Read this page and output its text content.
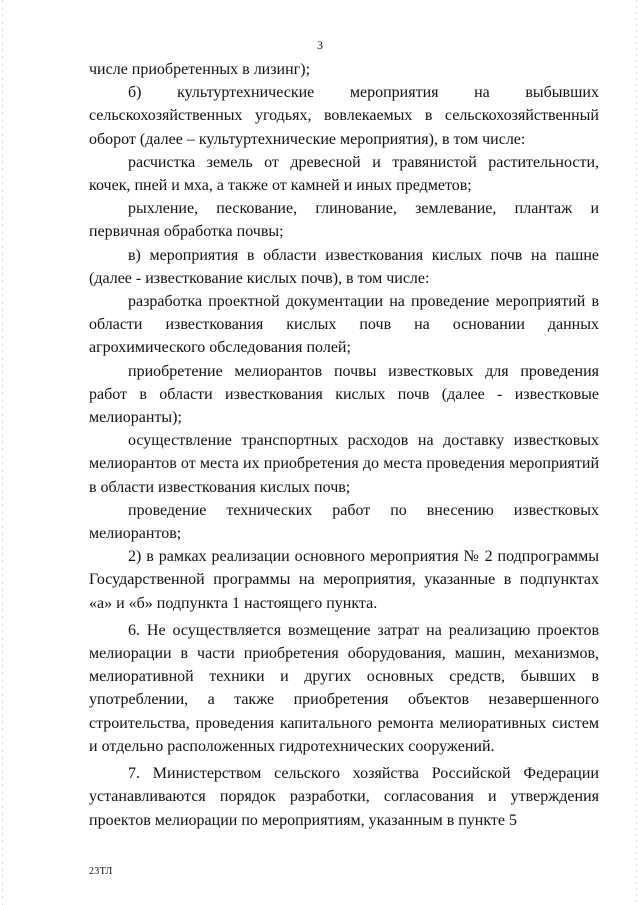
3

числе приобретенных в лизинг);

б) культуртехнические мероприятия на выбывших сельскохозяйственных угодьях, вовлекаемых в сельскохозяйственный оборот (далее – культуртехнические мероприятия), в том числе:

расчистка земель от древесной и травянистой растительности, кочек, пней и мха, а также от камней и иных предметов;

рыхление, пескование, глинование, землевание, плантаж и первичная обработка почвы;

в) мероприятия в области известкования кислых почв на пашне (далее - известкование кислых почв), в том числе:

разработка проектной документации на проведение мероприятий в области известкования кислых почв на основании данных агрохимического обследования полей;

приобретение мелиорантов почвы известковых для проведения работ в области известкования кислых почв (далее - известковые мелиоранты);

осуществление транспортных расходов на доставку известковых мелиорантов от места их приобретения до места проведения мероприятий в области известкования кислых почв;

проведение технических работ по внесению известковых мелиорантов;

2) в рамках реализации основного мероприятия № 2 подпрограммы Государственной программы на мероприятия, указанные в подпунктах «а» и «б» подпункта 1 настоящего пункта.

6. Не осуществляется возмещение затрат на реализацию проектов мелиорации в части приобретения оборудования, машин, механизмов, мелиоративной техники и других основных средств, бывших в употреблении, а также приобретения объектов незавершенного строительства, проведения капитального ремонта мелиоративных систем и отдельно расположенных гидротехнических сооружений.

7. Министерством сельского хозяйства Российской Федерации устанавливаются порядок разработки, согласования и утверждения проектов мелиорации по мероприятиям, указанным в пункте 5

23ТЛ
